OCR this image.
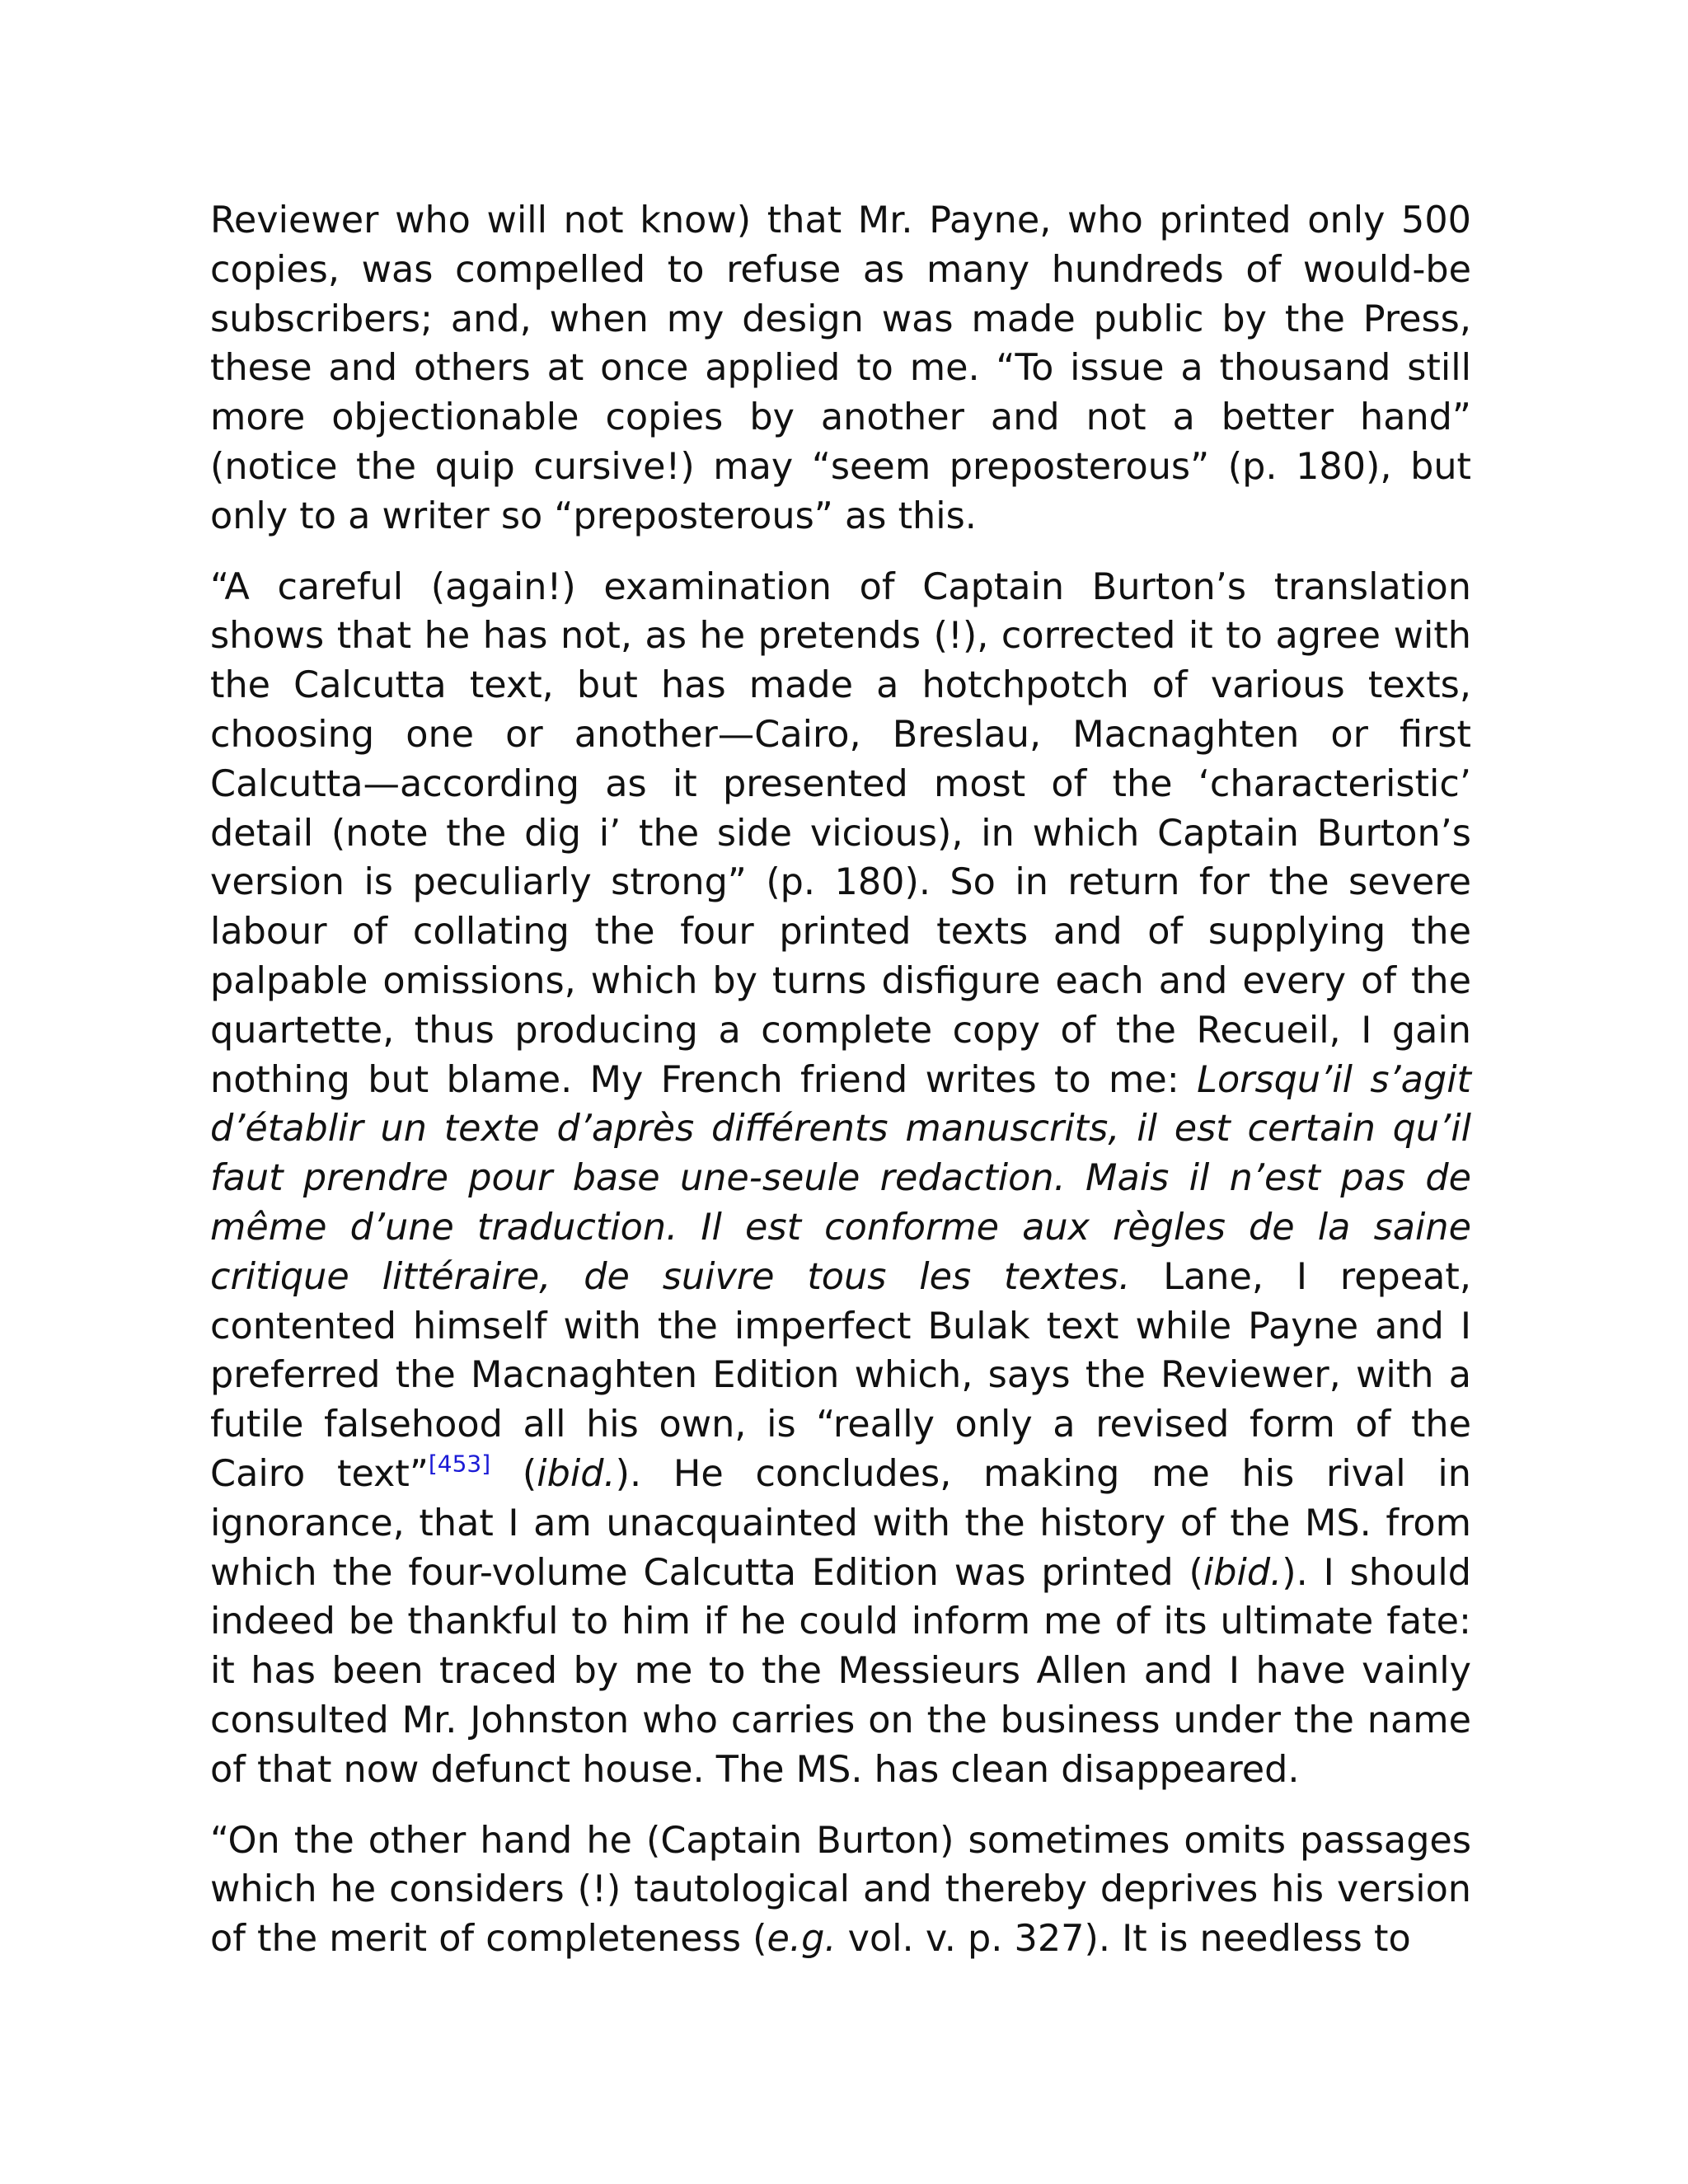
Reviewer who will not know) that Mr. Payne, who printed only 500 copies, was compelled to refuse as many hundreds of would-be subscribers; and, when my design was made public by the Press, these and others at once applied to me. “To issue a thousand still more objectionable copies by another and not a better hand” (notice the quip cursive!) may “seem preposterous” (p. 180), but only to a writer so “preposterous” as this.

“A careful (again!) examination of Captain Burton’s translation shows that he has not, as he pretends (!), corrected it to agree with the Calcutta text, but has made a hotchpotch of various texts, choosing one or another—Cairo, Breslau, Macnaghten or first Calcutta—according as it presented most of the ‘characteristic’ detail (note the dig i’ the side vicious), in which Captain Burton’s version is peculiarly strong” (p. 180). So in return for the severe labour of collating the four printed texts and of supplying the palpable omissions, which by turns disfigure each and every of the quartette, thus producing a complete copy of the Recueil, I gain nothing but blame. My French friend writes to me: Lorsqu’il s’agit d’établir un texte d’après différents manuscrits, il est certain qu’il faut prendre pour base une-seule redaction. Mais il n’est pas de même d’une traduction. Il est conforme aux règles de la saine critique littéraire, de suivre tous les textes. Lane, I repeat, contented himself with the imperfect Bulak text while Payne and I preferred the Macnaghten Edition which, says the Reviewer, with a futile falsehood all his own, is “really only a revised form of the Cairo text”[453] (ibid.). He concludes, making me his rival in ignorance, that I am unacquainted with the history of the MS. from which the four-volume Calcutta Edition was printed (ibid.). I should indeed be thankful to him if he could inform me of its ultimate fate: it has been traced by me to the Messieurs Allen and I have vainly consulted Mr. Johnston who carries on the business under the name of that now defunct house. The MS. has clean disappeared.

“On the other hand he (Captain Burton) sometimes omits passages which he considers (!) tautological and thereby deprives his version of the merit of completeness (e.g. vol. v. p. 327). It is needless to
